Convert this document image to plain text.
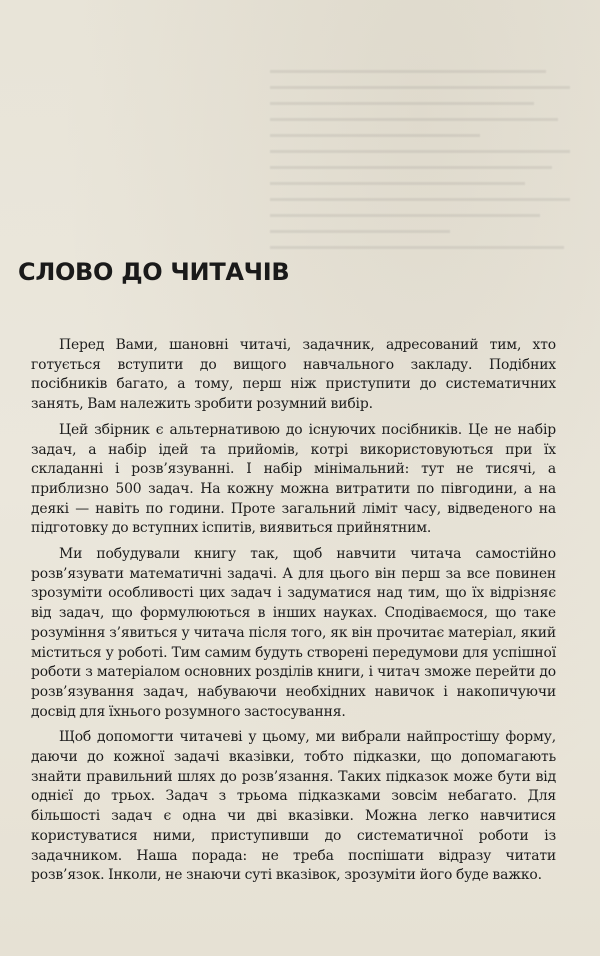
СЛОВО ДО ЧИТАЧІВ

Перед Вами, шановні читачі, задачник, адресований тим, хто готується вступити до вищого навчального закладу. Подібних посібників багато, а тому, перш ніж приступити до систематичних занять, Вам належить зробити розумний вибір.

Цей збірник є альтернативою до існуючих посібників. Це не набір задач, а набір ідей та прийомів, котрі використовуються при їх складанні і розв’язуванні. І набір мінімальний: тут не тисячі, а приблизно 500 задач. На кожну можна витратити по півгодини, а на деякі — навіть по години. Проте загальний ліміт часу, відведеного на підготовку до вступних іспитів, виявиться прийнятним.

Ми побудували книгу так, щоб навчити читача самостійно розв’язувати математичні задачі. А для цього він перш за все повинен зрозуміти особливості цих задач і задуматися над тим, що їх відрізняє від задач, що формулюються в інших науках. Сподіваємося, що таке розуміння з’явиться у читача після того, як він прочитає матеріал, який міститься у роботі. Тим самим будуть створені передумови для успішної роботи з матеріалом основних розділів книги, і читач зможе перейти до розв’язування задач, набуваючи необхідних навичок і накопичуючи досвід для їхнього розумного застосування.

Щоб допомогти читачеві у цьому, ми вибрали найпростішу форму, даючи до кожної задачі вказівки, тобто підказки, що допомагають знайти правильний шлях до розв’язання. Таких підказок може бути від однієї до трьох. Задач з трьома підказками зовсім небагато. Для більшості задач є одна чи дві вказівки. Можна легко навчитися користуватися ними, приступивши до систематичної роботи із задачником. Наша порада: не треба поспішати відразу читати розв’язок. Інколи, не знаючи суті вказівок, зрозуміти його буде важко.
